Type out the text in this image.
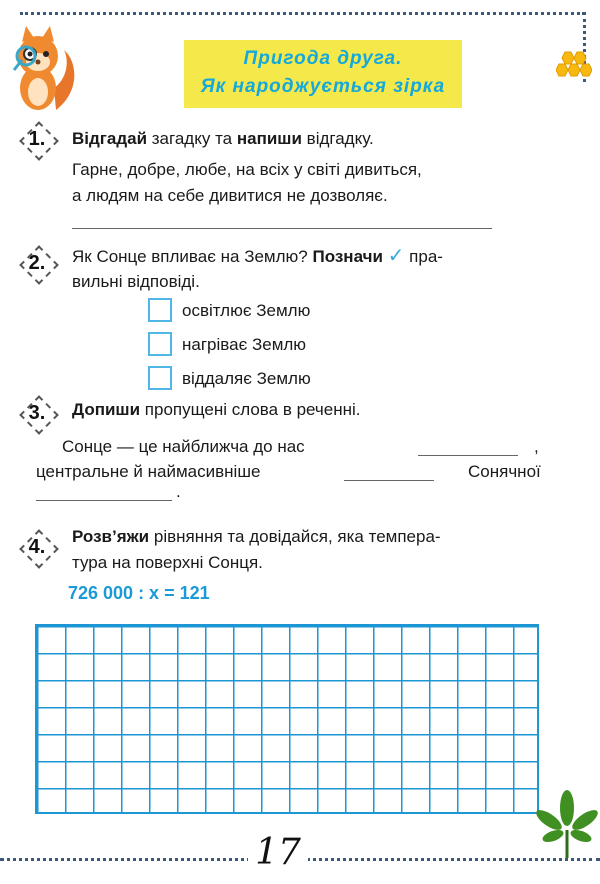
Пригода друга.
Як народжується зірка
1.	Відгадай загадку та напиши відгадку.
Гарне, добре, любе, на всіх у світі дивиться,
а людям на себе дивитися не дозволяє.
2.	Як Сонце впливає на Землю? Позначи ✓ пра-
вильні відповіді.
освітлює Землю
нагріває Землю
віддаляє Землю
3.	Допиши пропущені слова в реченні.
Сонце — це найближча до нас	,
центральне й наймасивніше	Сонячної
.
4.	Розв’яжи рівняння та довідайся, яка темпера-
тура на поверхні Сонця.
726 000 : x = 121
17
